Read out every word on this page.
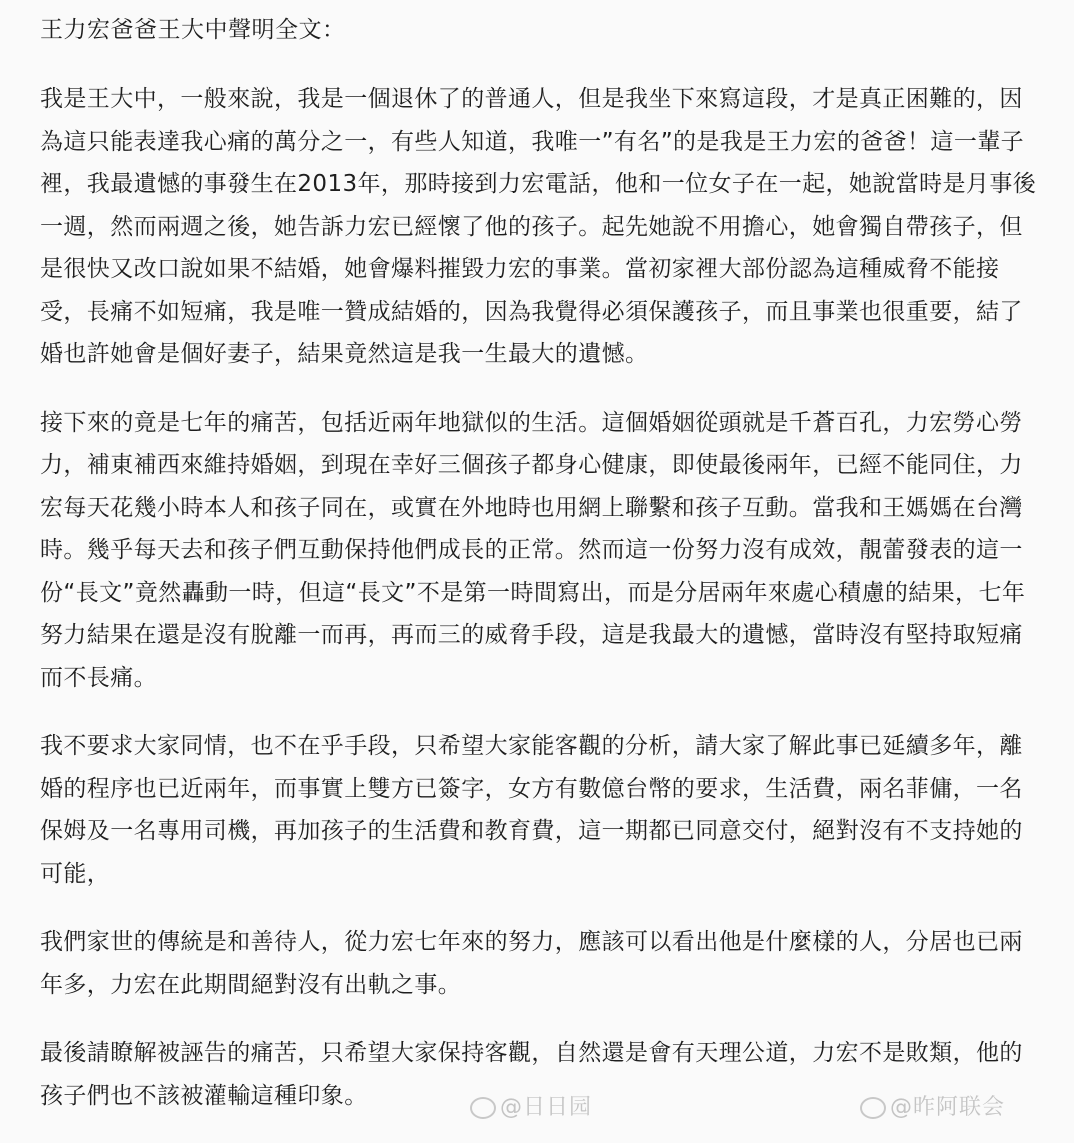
王力宏爸爸王大中聲明全文：
我是王大中，一般來說，我是一個退休了的普通人，但是我坐下來寫這段，才是真正困難的，因
為這只能表達我心痛的萬分之一，有些人知道，我唯一”有名”的是我是王力宏的爸爸！這一輩子
裡，我最遺憾的事發生在2013年，那時接到力宏電話，他和一位女子在一起，她說當時是月事後
一週，然而兩週之後，她告訴力宏已經懷了他的孩子。起先她說不用擔心，她會獨自帶孩子，但
是很快又改口說如果不結婚，她會爆料摧毀力宏的事業。當初家裡大部份認為這種威脅不能接
受，長痛不如短痛，我是唯一贊成結婚的，因為我覺得必須保護孩子，而且事業也很重要，結了
婚也許她會是個好妻子，結果竟然這是我一生最大的遺憾。
接下來的竟是七年的痛苦，包括近兩年地獄似的生活。這個婚姻從頭就是千蒼百孔，力宏勞心勞
力，補東補西來維持婚姻，到現在幸好三個孩子都身心健康，即使最後兩年，已經不能同住，力
宏每天花幾小時本人和孩子同在，或實在外地時也用網上聯繫和孩子互動。當我和王媽媽在台灣
時。幾乎每天去和孩子們互動保持他們成長的正常。然而這一份努力沒有成效，靚蕾發表的這一
份“長文”竟然轟動一時，但這“長文”不是第一時間寫出，而是分居兩年來處心積慮的結果，七年
努力結果在還是沒有脫離一而再，再而三的威脅手段，這是我最大的遺憾，當時沒有堅持取短痛
而不長痛。
我不要求大家同情，也不在乎手段，只希望大家能客觀的分析，請大家了解此事已延續多年，離
婚的程序也已近兩年，而事實上雙方已簽字，女方有數億台幣的要求，生活費，兩名菲傭，一名
保姆及一名專用司機，再加孩子的生活費和教育費，這一期都已同意交付，絕對沒有不支持她的
可能，
我們家世的傳統是和善待人，從力宏七年來的努力，應該可以看出他是什麼樣的人，分居也已兩
年多，力宏在此期間絕對沒有出軌之事。
最後請瞭解被誣告的痛苦，只希望大家保持客觀，自然還是會有天理公道，力宏不是敗類，他的
孩子們也不該被灌輸這種印象。	@日日园	@昨阿联会
